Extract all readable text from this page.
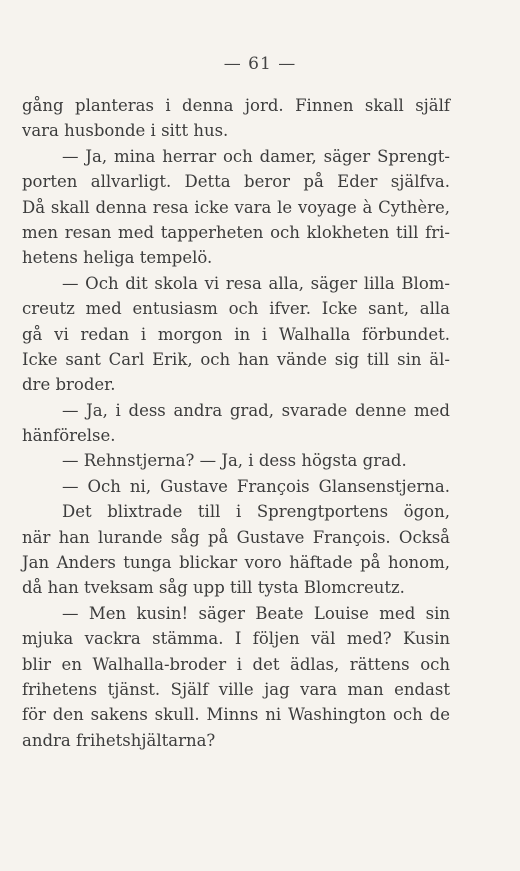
— 61 —
gång planteras i denna jord. Finnen skall själf
vara husbonde i sitt hus.
— Ja, mina herrar och damer, säger Sprengt-
porten allvarligt. Detta beror på Eder själfva.
Då skall denna resa icke vara le voyage à Cythère,
men resan med tapperheten och klokheten till fri-
hetens heliga tempelö.
— Och dit skola vi resa alla, säger lilla Blom-
creutz med entusiasm och ifver. Icke sant, alla
gå vi redan i morgon in i Walhalla förbundet.
Icke sant Carl Erik, och han vände sig till sin äl-
dre broder.
— Ja, i dess andra grad, svarade denne med
hänförelse.
— Rehnstjerna? — Ja, i dess högsta grad.
— Och ni, Gustave François Glansenstjerna.
Det blixtrade till i Sprengtportens ögon,
när han lurande såg på Gustave François. Också
Jan Anders tunga blickar voro häftade på honom,
då han tveksam såg upp till tysta Blomcreutz.
— Men kusin! säger Beate Louise med sin
mjuka vackra stämma. I följen väl med? Kusin
blir en Walhalla-broder i det ädlas, rättens och
frihetens tjänst. Själf ville jag vara man endast
för den sakens skull. Minns ni Washington och de
andra frihetshjältarna?
